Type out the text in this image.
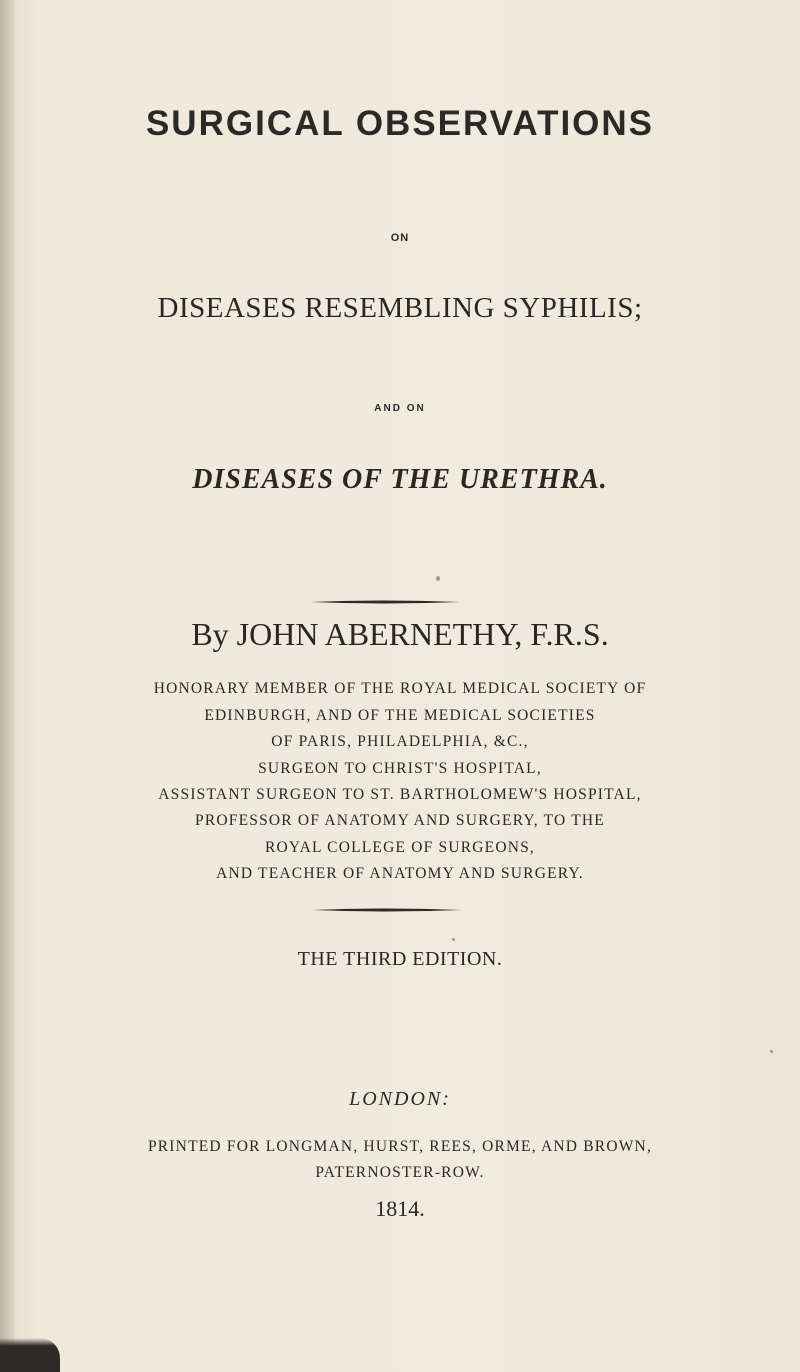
SURGICAL OBSERVATIONS

ON

DISEASES RESEMBLING SYPHILIS;

AND ON

DISEASES OF THE URETHRA.

By JOHN ABERNETHY, F.R.S.

HONORARY MEMBER OF THE ROYAL MEDICAL SOCIETY OF

EDINBURGH, AND OF THE MEDICAL SOCIETIES

OF PARIS, PHILADELPHIA, &C.,

SURGEON TO CHRIST'S HOSPITAL,

ASSISTANT SURGEON TO ST. BARTHOLOMEW'S HOSPITAL,

PROFESSOR OF ANATOMY AND SURGERY, TO THE

ROYAL COLLEGE OF SURGEONS,

AND TEACHER OF ANATOMY AND SURGERY.

THE THIRD EDITION.

LONDON:

PRINTED FOR LONGMAN, HURST, REES, ORME, AND BROWN,

PATERNOSTER-ROW.

1814.
